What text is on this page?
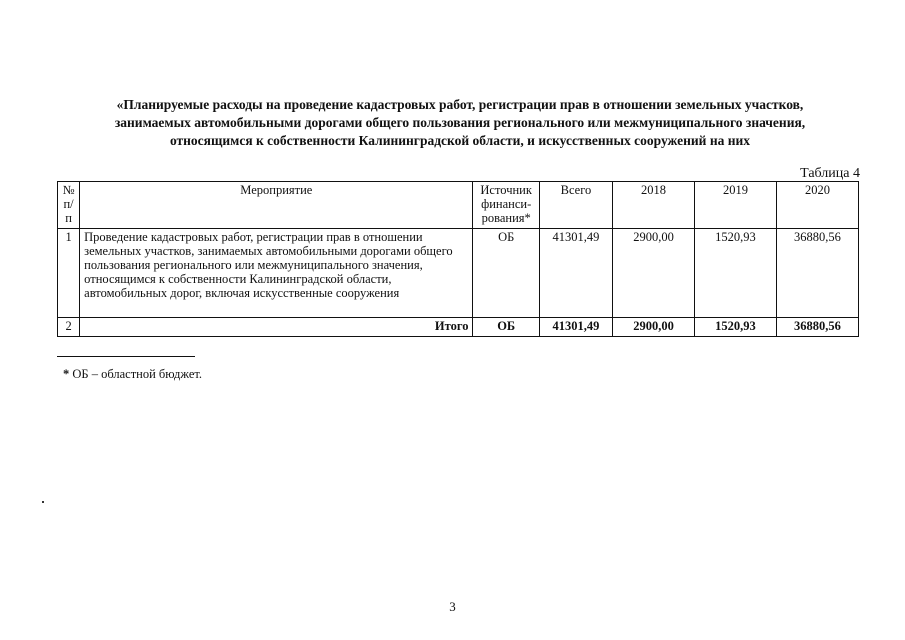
«Планируемые расходы на проведение кадастровых работ, регистрации прав в отношении земельных участков,
занимаемых автомобильными дорогами общего пользования регионального или межмуниципального значения,
относящимся к собственности Калининградской области, и искусственных сооружений на них
Таблица 4
№ п/п	Мероприятие	Источник финанси-рования*	Всего	2018	2019	2020
1	Проведение кадастровых работ, регистрации прав в отношении земельных участков, занимаемых автомобильными дорогами общего пользования регионального или межмуниципального значения, относящимся к собственности Калининградской области, автомобильных дорог, включая искусственные сооружения	ОБ	41301,49	2900,00	1520,93	36880,56
2	Итого	ОБ	41301,49	2900,00	1520,93	36880,56
* ОБ – областной бюджет.
3
